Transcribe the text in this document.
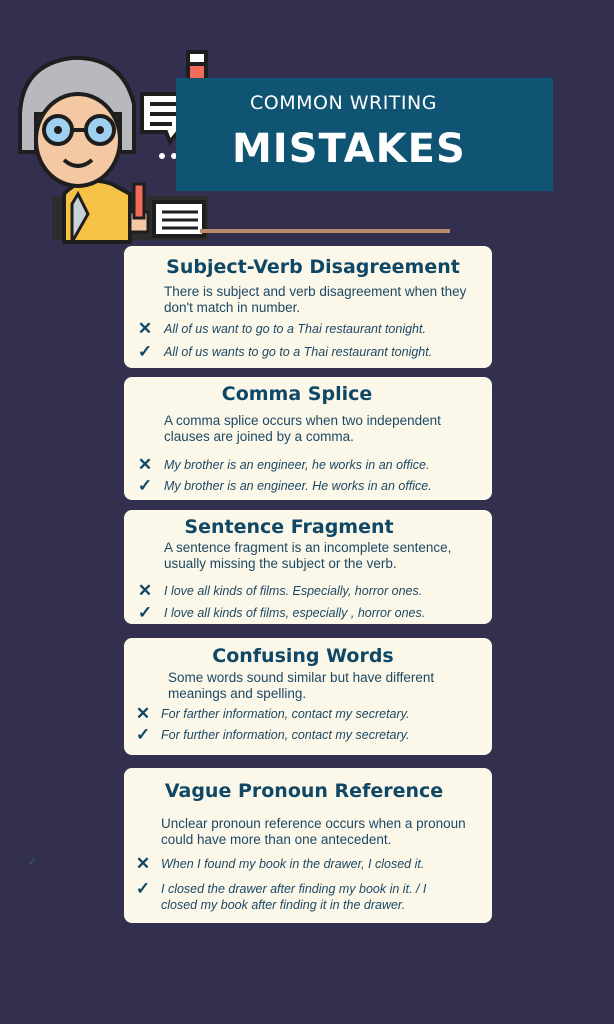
COMMON WRITING
MISTAKES
Subject-Verb Disagreement
There is subject and verb disagreement when they don't match in number.
✕ All of us want to go to a Thai restaurant tonight.
✓ All of us wants to go to a Thai restaurant tonight.
Comma Splice
A comma splice occurs when two independent clauses are joined by a comma.
✕ My brother is an engineer, he works in an office.
✓ My brother is an engineer. He works in an office.
Sentence Fragment
A sentence fragment is an incomplete sentence, usually missing the subject or the verb.
✕ I love all kinds of films. Especially, horror ones.
✓ I love all kinds of films, especially , horror ones.
Confusing Words
Some words sound similar but have different meanings and spelling.
✕ For farther information, contact my secretary.
✓ For further information, contact my secretary.
Vague Pronoun Reference
Unclear pronoun reference occurs when a pronoun could have more than one antecedent.
✕ When I found my book in the drawer, I closed it.
✓ I closed the drawer after finding my book in it. / I closed my book after finding it in the drawer.
✓
